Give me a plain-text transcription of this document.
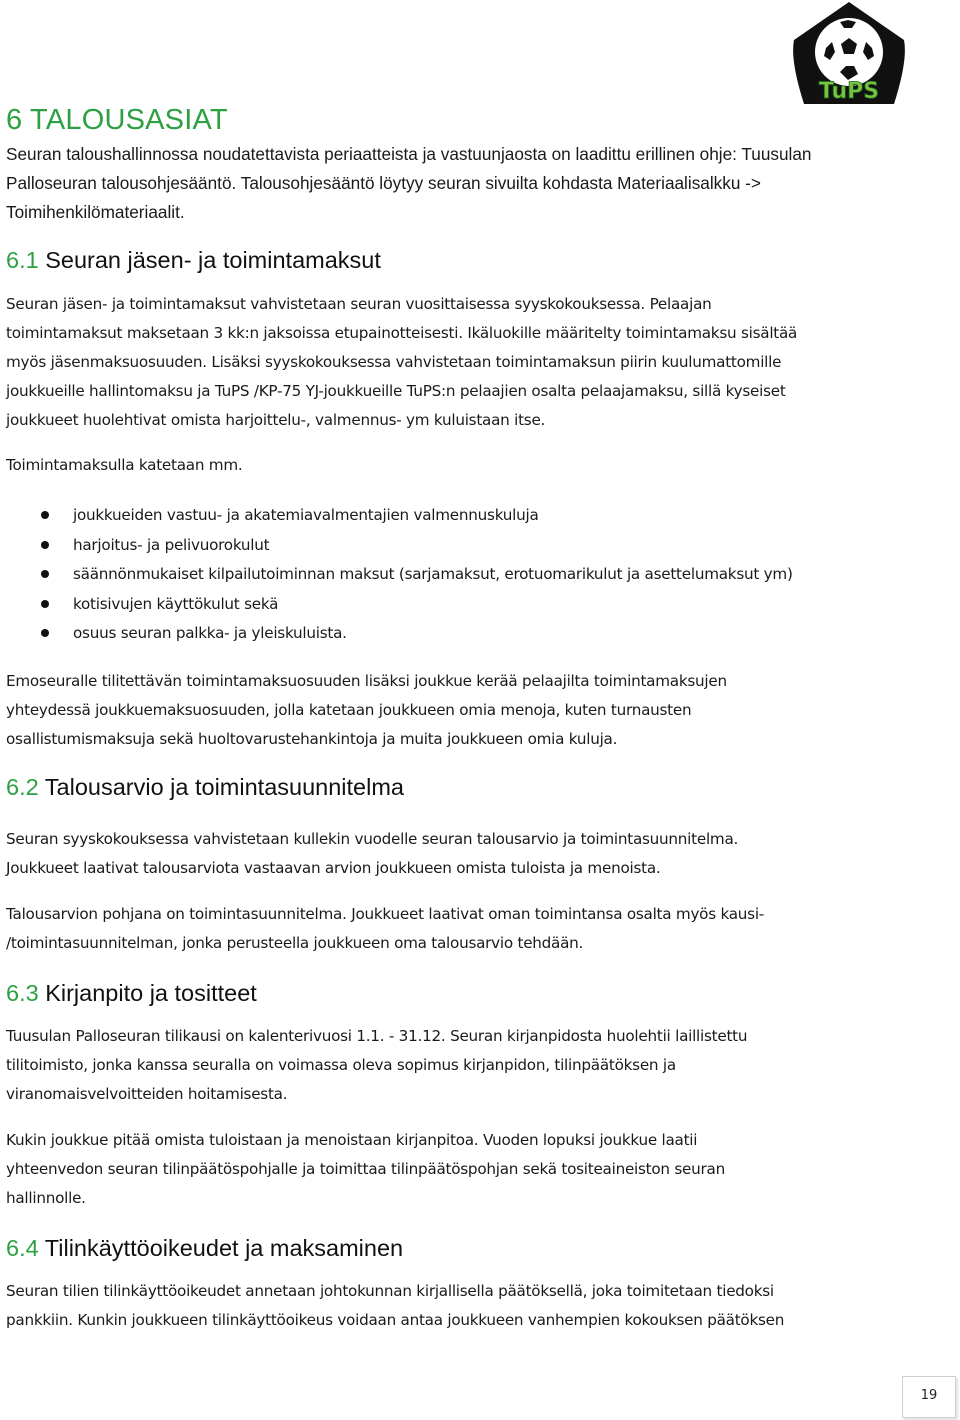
TuPS
6 TALOUSASIAT

Seuran taloushallinnossa noudatettavista periaatteista ja vastuunjaosta on laadittu erillinen ohje: Tuusulan

Palloseuran talousohjesääntö. Talousohjesääntö löytyy seuran sivuilta kohdasta Materiaalisalkku ->

Toimihenkilömateriaalit.

6.1 Seuran jäsen- ja toimintamaksut

Seuran jäsen- ja toimintamaksut vahvistetaan seuran vuosittaisessa syyskokouksessa. Pelaajan

toimintamaksut maksetaan 3 kk:n jaksoissa etupainotteisesti. Ikäluokille määritelty toimintamaksu sisältää

myös jäsenmaksuosuuden. Lisäksi syyskokouksessa vahvistetaan toimintamaksun piirin kuulumattomille

joukkueille hallintomaksu ja TuPS /KP-75 YJ-joukkueille TuPS:n pelaajien osalta pelaajamaksu, sillä kyseiset

joukkueet huolehtivat omista harjoittelu-, valmennus- ym kuluistaan itse.

Toimintamaksulla katetaan mm.

joukkueiden vastuu- ja akatemiavalmentajien valmennuskuluja
harjoitus- ja pelivuorokulut
säännönmukaiset kilpailutoiminnan maksut (sarjamaksut, erotuomarikulut ja asettelumaksut ym)
kotisivujen käyttökulut sekä
osuus seuran palkka- ja yleiskuluista.

Emoseuralle tilitettävän toimintamaksuosuuden lisäksi joukkue kerää pelaajilta toimintamaksujen

yhteydessä joukkuemaksuosuuden, jolla katetaan joukkueen omia menoja, kuten turnausten

osallistumismaksuja sekä huoltovarustehankintoja ja muita joukkueen omia kuluja.

6.2 Talousarvio ja toimintasuunnitelma

Seuran syyskokouksessa vahvistetaan kullekin vuodelle seuran talousarvio ja toimintasuunnitelma.

Joukkueet laativat talousarviota vastaavan arvion joukkueen omista tuloista ja menoista.

Talousarvion pohjana on toimintasuunnitelma. Joukkueet laativat oman toimintansa osalta myös kausi-

/toimintasuunnitelman, jonka perusteella joukkueen oma talousarvio tehdään.

6.3 Kirjanpito ja tositteet

Tuusulan Palloseuran tilikausi on kalenterivuosi 1.1. - 31.12. Seuran kirjanpidosta huolehtii laillistettu

tilitoimisto, jonka kanssa seuralla on voimassa oleva sopimus kirjanpidon, tilinpäätöksen ja

viranomaisvelvoitteiden hoitamisesta.

Kukin joukkue pitää omista tuloistaan ja menoistaan kirjanpitoa. Vuoden lopuksi joukkue laatii

yhteenvedon seuran tilinpäätöspohjalle ja toimittaa tilinpäätöspohjan sekä tositeaineiston seuran

hallinnolle.

6.4 Tilinkäyttöoikeudet ja maksaminen

Seuran tilien tilinkäyttöoikeudet annetaan johtokunnan kirjallisella päätöksellä, joka toimitetaan tiedoksi

pankkiin. Kunkin joukkueen tilinkäyttöoikeus voidaan antaa joukkueen vanhempien kokouksen päätöksen

19
